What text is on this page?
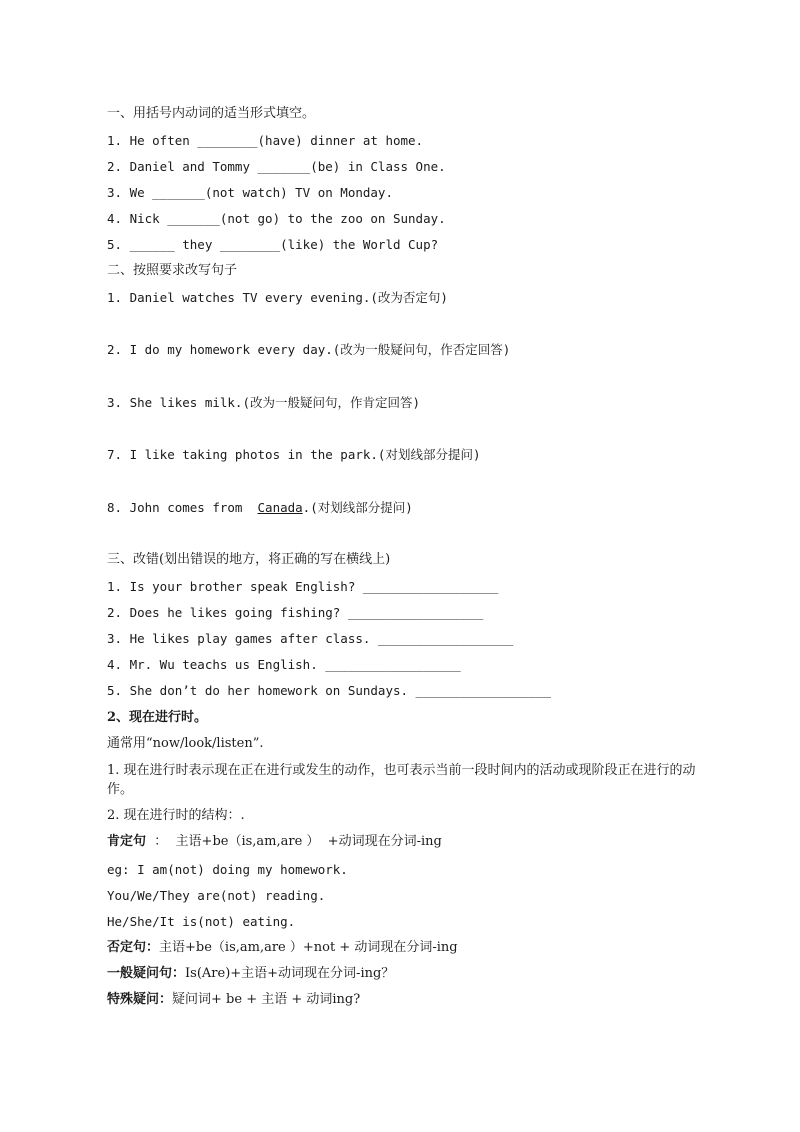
一、用括号内动词的适当形式填空。
1. He often ________(have) dinner at home.
2. Daniel and Tommy _______(be) in Class One.
3. We _______(not watch) TV on Monday.
4. Nick _______(not go) to the zoo on Sunday.
5. ______ they ________(like) the World Cup?
二、按照要求改写句子
1. Daniel watches TV every evening.(改为否定句)
2. I do my homework every day.(改为一般疑问句，作否定回答)
3. She likes milk.(改为一般疑问句，作肯定回答)
7. I like taking photos in the park.(对划线部分提问)
8. John comes from  Canada.(对划线部分提问)
三、改错(划出错误的地方，将正确的写在横线上)
1. Is your brother speak English? __________________
2. Does he likes going fishing? __________________
3. He likes play games after class. __________________
4. Mr. Wu teachs us English. __________________
5. She don’t do her homework on Sundays. __________________
2、现在进行时。
通常用“now/look/listen”.
1. 现在进行时表示现在正在进行或发生的动作，也可表示当前一段时间内的活动或现阶段正在进行的动作。
2. 现在进行时的结构：.
肯定句  ：  主语+be（is,am,are ）  +动词现在分词-ing
eg: I am(not) doing my homework.
You/We/They are(not) reading.
He/She/It is(not) eating.
否定句：主语+be（is,am,are ）+not + 动词现在分词-ing
一般疑问句：Is(Are)+主语+动词现在分词-ing？
特殊疑问：疑问词+ be + 主语 + 动词ing?
